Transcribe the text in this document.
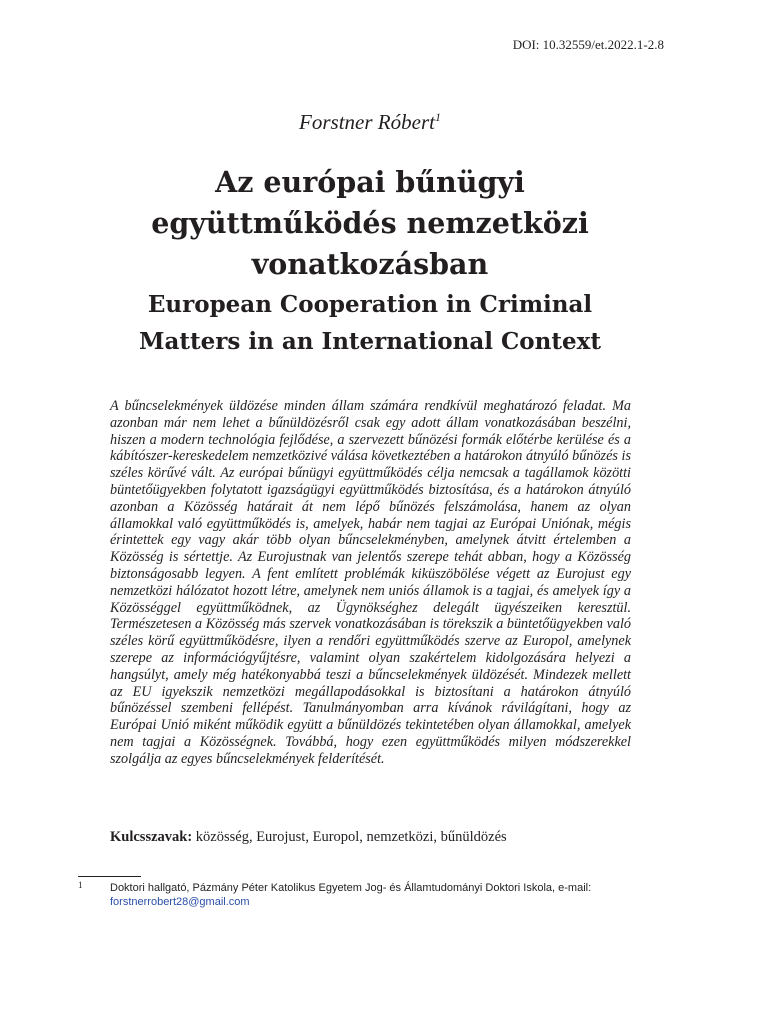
DOI: 10.32559/et.2022.1-2.8
Forstner Róbert$^1$
Az európai bűnügyi együttműködés nemzetközi vonatkozásban
European Cooperation in Criminal Matters in an International Context

A bűncselekmények üldözése minden állam számára rendkívül meghatározó feladat. Ma azonban már nem lehet a bűnüldözésről csak egy adott állam vonatkozásában beszélni, hiszen a modern technológia fejlődése, a szervezett bűnözési formák előtérbe kerülése és a kábítószer-kereskedelem nemzetközivé válása következtében a határokon átnyúló bűnözés is széles körűvé vált. Az európai bűnügyi együttműködés célja nemcsak a tagállamok közötti büntetőügyekben folytatott igazságügyi együttműködés biztosítása, és a határokon átnyúló azonban a Közösség határait át nem lépő bűnözés felszámolása, hanem az olyan államokkal való együttműködés is, amelyek, habár nem tagjai az Európai Uniónak, mégis érintettek egy vagy akár több olyan bűncselekményben, amelynek átvitt értelemben a Közösség is sértettje. Az Eurojustnak van jelentős szerepe tehát abban, hogy a Közösség biztonságosabb legyen. A fent említett problémák kiküszöbölése végett az Eurojust egy nemzetközi hálózatot hozott létre, amelynek nem uniós államok is a tagjai, és amelyek így a Közösséggel együttműködnek, az Ügynökséghez delegált ügyészeiken keresztül. Természetesen a Közösség más szervek vonatkozásában is törekszik a büntetőügyekben való széles körű együttműködésre, ilyen a rendőri együttműködés szerve az Europol, amelynek szerepe az információgyűjtésre, valamint olyan szakértelem kidolgozására helyezi a hangsúlyt, amely még hatékonyabbá teszi a bűncselekmények üldözését. Mindezek mellett az EU igyekszik nemzetközi megállapodásokkal is biztosítani a határokon átnyúló bűnözéssel szembeni fellépést. Tanulmányomban arra kívánok rávilágítani, hogy az Európai Unió miként működik együtt a bűnüldözés tekintetében olyan államokkal, amelyek nem tagjai a Közösségnek. Továbbá, hogy ezen együttműködés milyen módszerekkel szolgálja az egyes bűncselekmények felderítését.

Kulcsszavak: közösség, Eurojust, Europol, nemzetközi, bűnüldözés
1	Doktori hallgató, Pázmány Péter Katolikus Egyetem Jog- és Államtudományi Doktori Iskola, e-mail:
forstnerrobert28@gmail.com
